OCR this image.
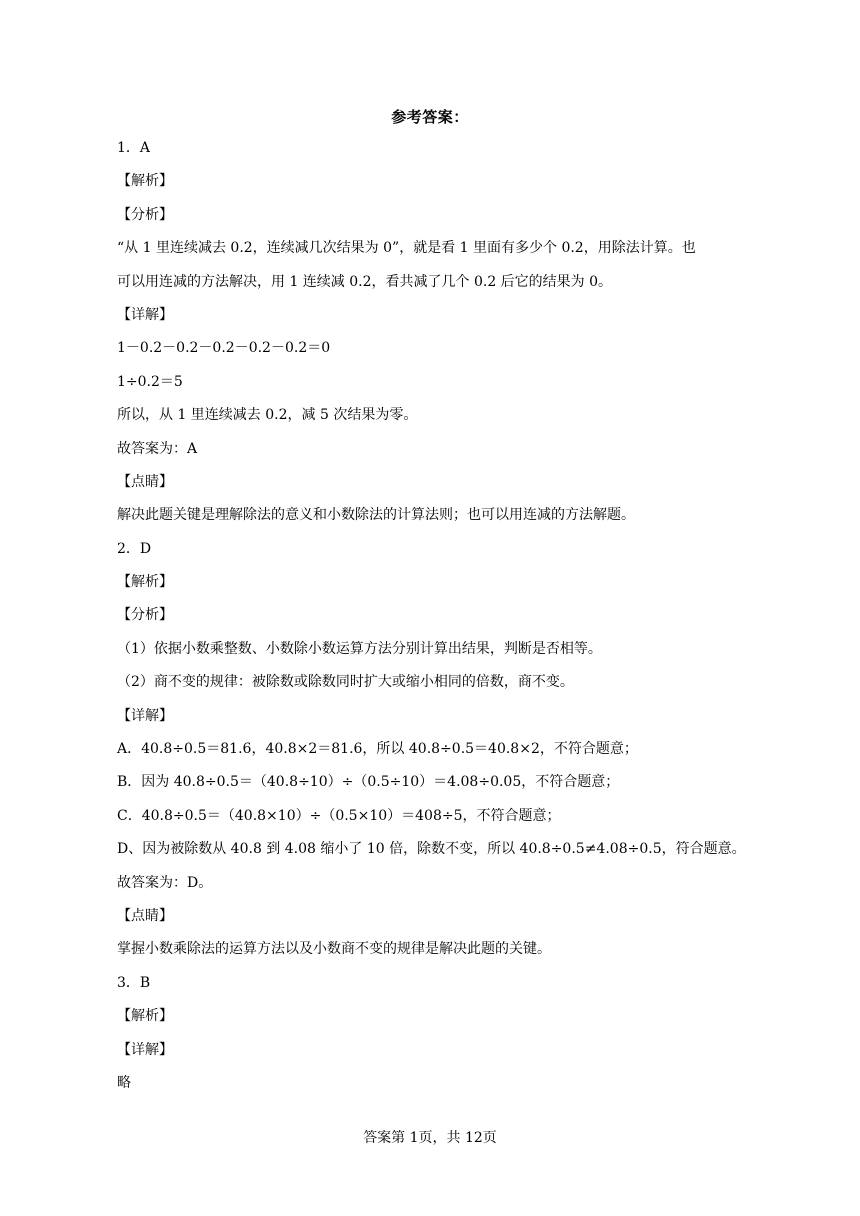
参考答案：
1．A
【解析】
【分析】
“从 1 里连续减去 0.2，连续减几次结果为 0”，就是看 1 里面有多少个 0.2，用除法计算。也
可以用连减的方法解决，用 1 连续减 0.2，看共减了几个 0.2 后它的结果为 0。
【详解】
1－0.2－0.2－0.2－0.2－0.2＝0
1÷0.2＝5
所以，从 1 里连续减去 0.2，减 5 次结果为零。
故答案为：A
【点睛】
解决此题关键是理解除法的意义和小数除法的计算法则；也可以用连减的方法解题。
2．D
【解析】
【分析】
（1）依据小数乘整数、小数除小数运算方法分别计算出结果，判断是否相等。
（2）商不变的规律：被除数或除数同时扩大或缩小相同的倍数，商不变。
【详解】
A．40.8÷0.5＝81.6，40.8×2＝81.6，所以 40.8÷0.5＝40.8×2，不符合题意；
B．因为 40.8÷0.5＝（40.8÷10）÷（0.5÷10）＝4.08÷0.05，不符合题意；
C．40.8÷0.5＝（40.8×10）÷（0.5×10）＝408÷5，不符合题意；
D、因为被除数从 40.8 到 4.08 缩小了 10 倍，除数不变，所以 40.8÷0.5≠4.08÷0.5，符合题意。
故答案为：D。
【点睛】
掌握小数乘除法的运算方法以及小数商不变的规律是解决此题的关键。
3．B
【解析】
【详解】
略
答案第 1页，共 12页
